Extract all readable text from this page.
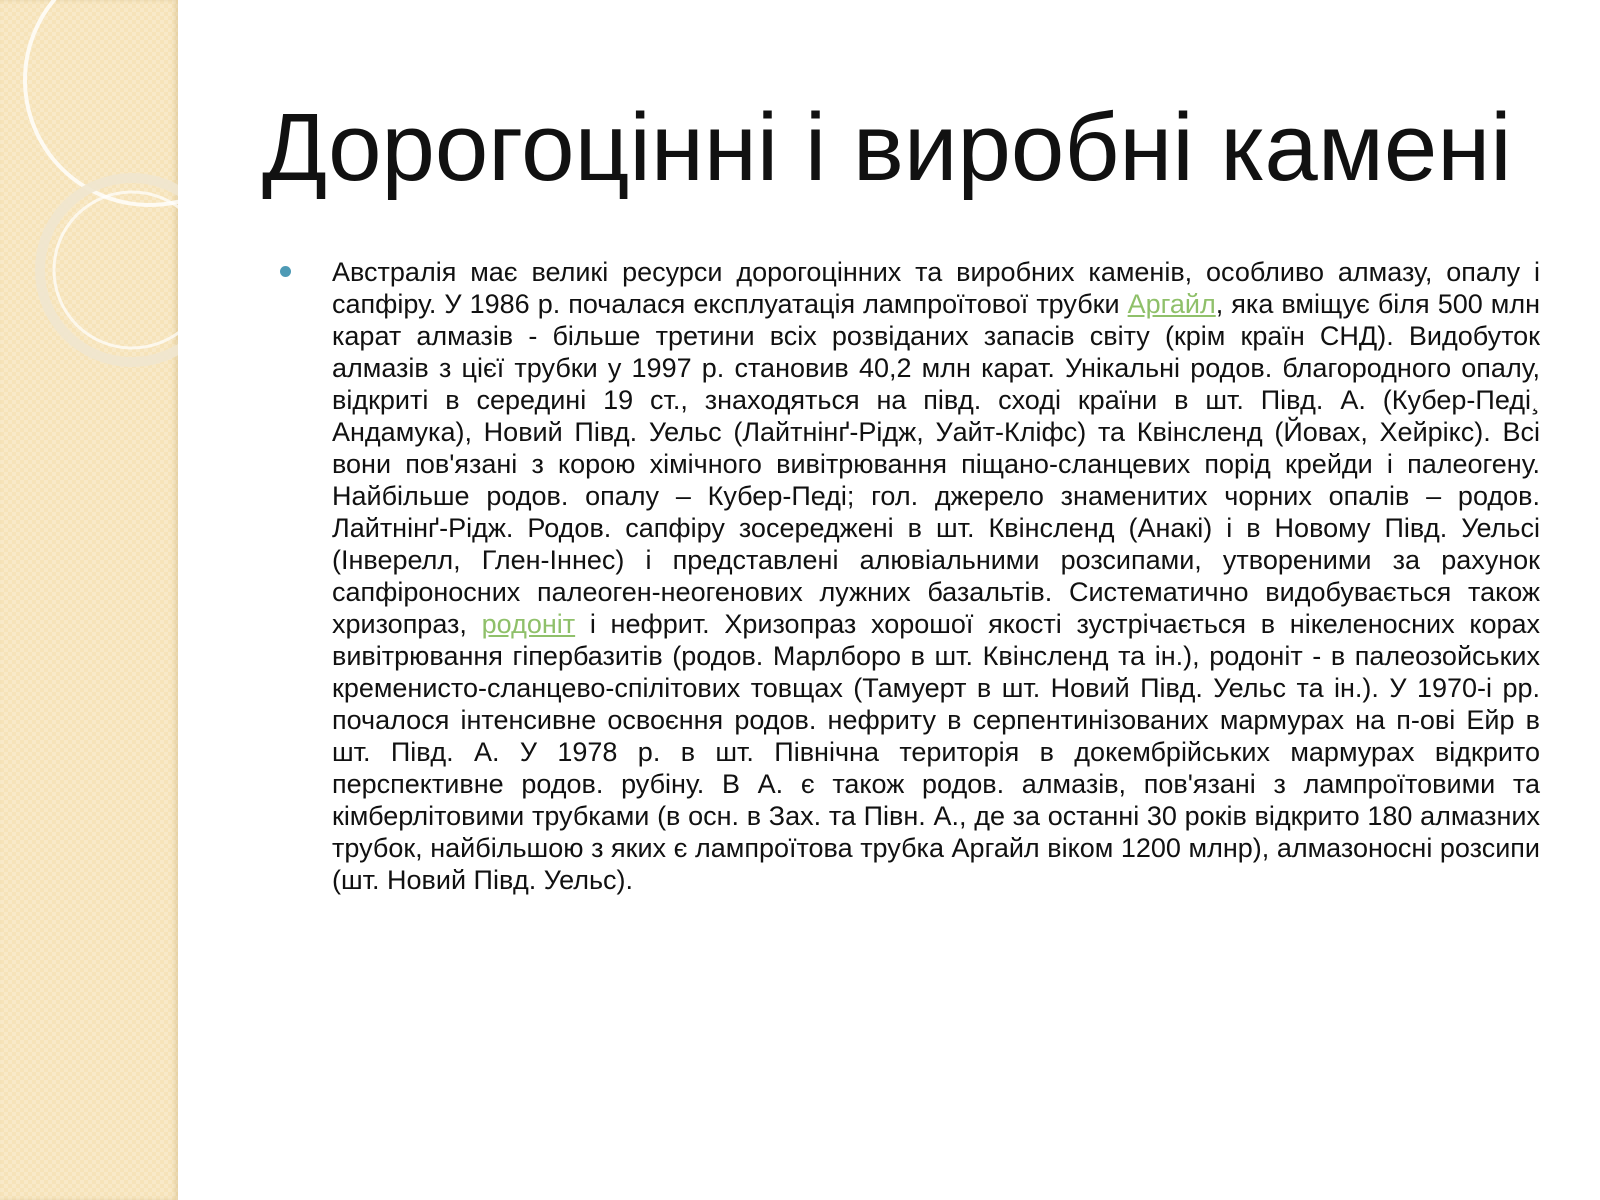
Дорогоцінні і виробні камені
Австралія має великі ресурси дорогоцінних та виробних каменів, особливо алмазу, опалу і сапфіру. У 1986 р. почалася експлуатація лампроїтової трубки Аргайл, яка вміщує біля 500 млн карат алмазів - більше третини всіх розвіданих запасів світу (крім країн СНД). Видобуток алмазів з цієї трубки у 1997 р. становив 40,2 млн карат. Унікальні родов. благородного опалу, відкриті в середині 19 ст., знаходяться на півд. сході країни в шт. Півд. А. (Кубер-Педі¸ Андамука), Новий Півд. Уельс (Лайтнінґ-Рідж, Уайт-Кліфс) та Квінсленд (Йовах, Хейрікс). Всі вони пов'язані з корою хімічного вивітрювання піщано-сланцевих порід крейди і палеогену. Найбільше родов. опалу – Кубер-Педі; гол. джерело знаменитих чорних опалів – родов. Лайтнінґ-Рідж. Родов. сапфіру зосереджені в шт. Квінсленд (Анакі) і в Новому Півд. Уельсі (Інверелл, Глен-Іннес) і представлені алювіальними розсипами, утвореними за рахунок сапфіроносних палеоген-неогенових лужних базальтів. Систематично видобувається також хризопраз, родоніт і нефрит. Хризопраз хорошої якості зустрічається в нікеленосних корах вивітрювання гіпербазитів (родов. Марлборо в шт. Квінсленд та ін.), родоніт - в палеозойських кременисто-сланцево-спілітових товщах (Тамуерт в шт. Новий Півд. Уельс та ін.). У 1970-і рр. почалося інтенсивне освоєння родов. нефриту в серпентинізованих мармурах на п-ові Ейр в шт. Півд. А. У 1978 р. в шт. Північна територія в докембрійських мармурах відкрито перспективне родов. рубіну. В А. є також родов. алмазів, пов'язані з лампроїтовими та кімберлітовими трубками (в осн. в Зах. та Півн. А., де за останні 30 років відкрито 180 алмазних трубок, найбільшою з яких є лампроїтова трубка Аргайл віком 1200 млнр), алмазоносні розсипи (шт. Новий Півд. Уельс).
